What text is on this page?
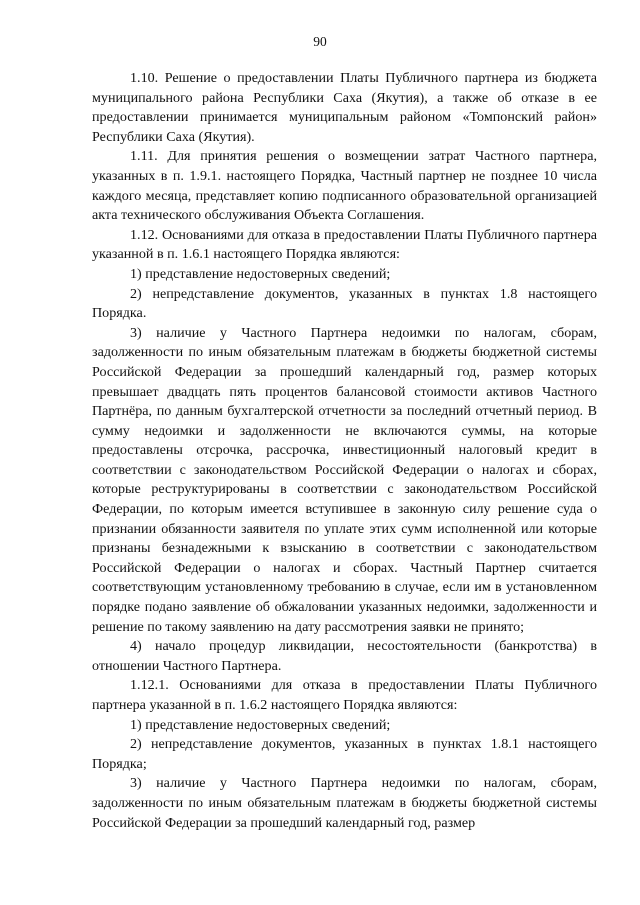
90

1.10. Решение о предоставлении Платы Публичного партнера из бюджета муниципального района Республики Саха (Якутия), а также об отказе в ее предоставлении принимается муниципальным районом «Томпонский район» Республики Саха (Якутия).

1.11. Для принятия решения о возмещении затрат Частного партнера, указанных в п. 1.9.1. настоящего Порядка, Частный партнер не позднее 10 числа каждого месяца, представляет копию подписанного образовательной организацией акта технического обслуживания Объекта Соглашения.

1.12. Основаниями для отказа в предоставлении Платы Публичного партнера указанной в п. 1.6.1 настоящего Порядка являются:

1) представление недостоверных сведений;

2) непредставление документов, указанных в пунктах 1.8 настоящего Порядка.

3) наличие у Частного Партнера недоимки по налогам, сборам, задолженности по иным обязательным платежам в бюджеты бюджетной системы Российской Федерации за прошедший календарный год, размер которых превышает двадцать пять процентов балансовой стоимости активов Частного Партнёра, по данным бухгалтерской отчетности за последний отчетный период. В сумму недоимки и задолженности не включаются суммы, на которые предоставлены отсрочка, рассрочка, инвестиционный налоговый кредит в соответствии с законодательством Российской Федерации о налогах и сборах, которые реструктурированы в соответствии с законодательством Российской Федерации, по которым имеется вступившее в законную силу решение суда о признании обязанности заявителя по уплате этих сумм исполненной или которые признаны безнадежными к взысканию в соответствии с законодательством Российской Федерации о налогах и сборах. Частный Партнер считается соответствующим установленному требованию в случае, если им в установленном порядке подано заявление об обжаловании указанных недоимки, задолженности и решение по такому заявлению на дату рассмотрения заявки не принято;

4) начало процедур ликвидации, несостоятельности (банкротства) в отношении Частного Партнера.

1.12.1. Основаниями для отказа в предоставлении Платы Публичного партнера указанной в п. 1.6.2 настоящего Порядка являются:

1) представление недостоверных сведений;

2) непредставление документов, указанных в пунктах 1.8.1 настоящего Порядка;

3) наличие у Частного Партнера недоимки по налогам, сборам, задолженности по иным обязательным платежам в бюджеты бюджетной системы Российской Федерации за прошедший календарный год, размер
